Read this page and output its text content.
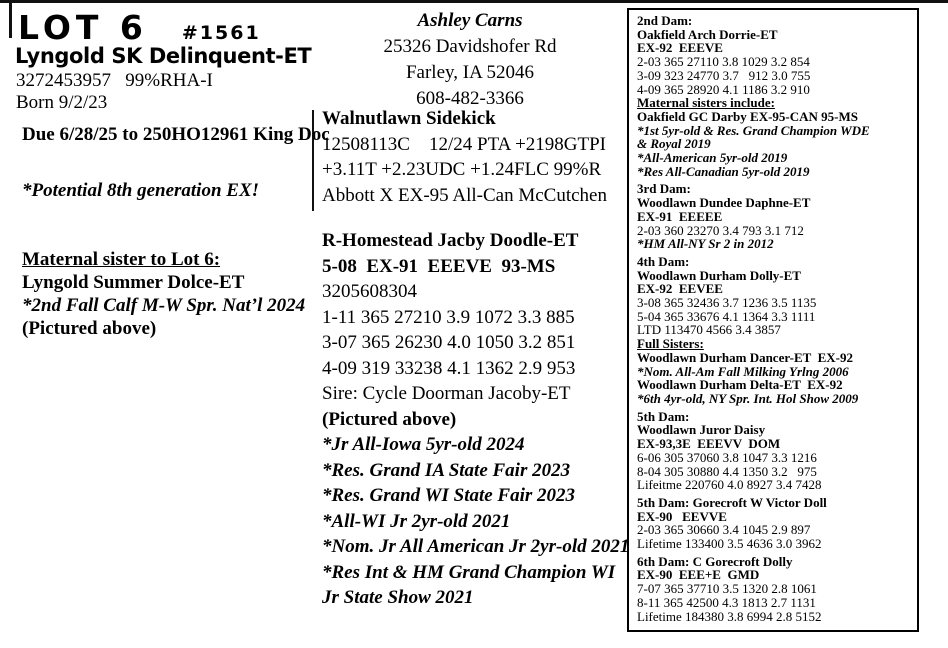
LOT 6 #1561
Lyngold SK Delinquent-ET
3272453957   99%RHA-I
Born 9/2/23
Due 6/28/25 to 250HO12961 King Doc
*Potential 8th generation EX!
Maternal sister to Lot 6:
Lyngold Summer Dolce-ET
*2nd Fall Calf M-W Spr. Nat’l 2024
(Pictured above)
Ashley Carns
25326 Davidshofer Rd
Farley, IA 52046
608-482-3366
Walnutlawn Sidekick
12508113C    12/24 PTA +2198GTPI
+3.11T +2.23UDC +1.24FLC 99%R
Abbott X EX-95 All-Can McCutchen
R-Homestead Jacby Doodle-ET
5-08  EX-91  EEEVE  93-MS
3205608304
1-11 365 27210 3.9 1072 3.3 885
3-07 365 26230 4.0 1050 3.2 851
4-09 319 33238 4.1 1362 2.9 953
Sire: Cycle Doorman Jacoby-ET
(Pictured above)
*Jr All-Iowa 5yr-old 2024
*Res. Grand IA State Fair 2023
*Res. Grand WI State Fair 2023
*All-WI Jr 2yr-old 2021
*Nom. Jr All American Jr 2yr-old 2021
*Res Int & HM Grand Champion WI
Jr State Show 2021
2nd Dam:
Oakfield Arch Dorrie-ET
EX-92  EEEVE
2-03 365 27110 3.8 1029 3.2 854
3-09 323 24770 3.7   912 3.0 755
4-09 365 28920 4.1 1186 3.2 910
Maternal sisters include:
Oakfield GC Darby EX-95-CAN 95-MS
*1st 5yr-old & Res. Grand Champion WDE
& Royal 2019
*All-American 5yr-old 2019
*Res All-Canadian 5yr-old 2019
3rd Dam:
Woodlawn Dundee Daphne-ET
EX-91  EEEEE
2-03 360 23270 3.4 793 3.1 712
*HM All-NY Sr 2 in 2012
4th Dam:
Woodlawn Durham Dolly-ET
EX-92  EEVEE
3-08 365 32436 3.7 1236 3.5 1135
5-04 365 33676 4.1 1364 3.3 1111
LTD 113470 4566 3.4 3857
Full Sisters:
Woodlawn Durham Dancer-ET  EX-92
*Nom. All-Am Fall Milking Yrlng 2006
Woodlawn Durham Delta-ET  EX-92
*6th 4yr-old, NY Spr. Int. Hol Show 2009
5th Dam:
Woodlawn Juror Daisy
EX-93,3E  EEEVV  DOM
6-06 305 37060 3.8 1047 3.3 1216
8-04 305 30880 4.4 1350 3.2   975
Lifeitme 220760 4.0 8927 3.4 7428
5th Dam: Gorecroft W Victor Doll
EX-90   EEVVE
2-03 365 30660 3.4 1045 2.9 897
Lifetime 133400 3.5 4636 3.0 3962
6th Dam: C Gorecroft Dolly
EX-90  EEE+E  GMD
7-07 365 37710 3.5 1320 2.8 1061
8-11 365 42500 4.3 1813 2.7 1131
Lifetime 184380 3.8 6994 2.8 5152
